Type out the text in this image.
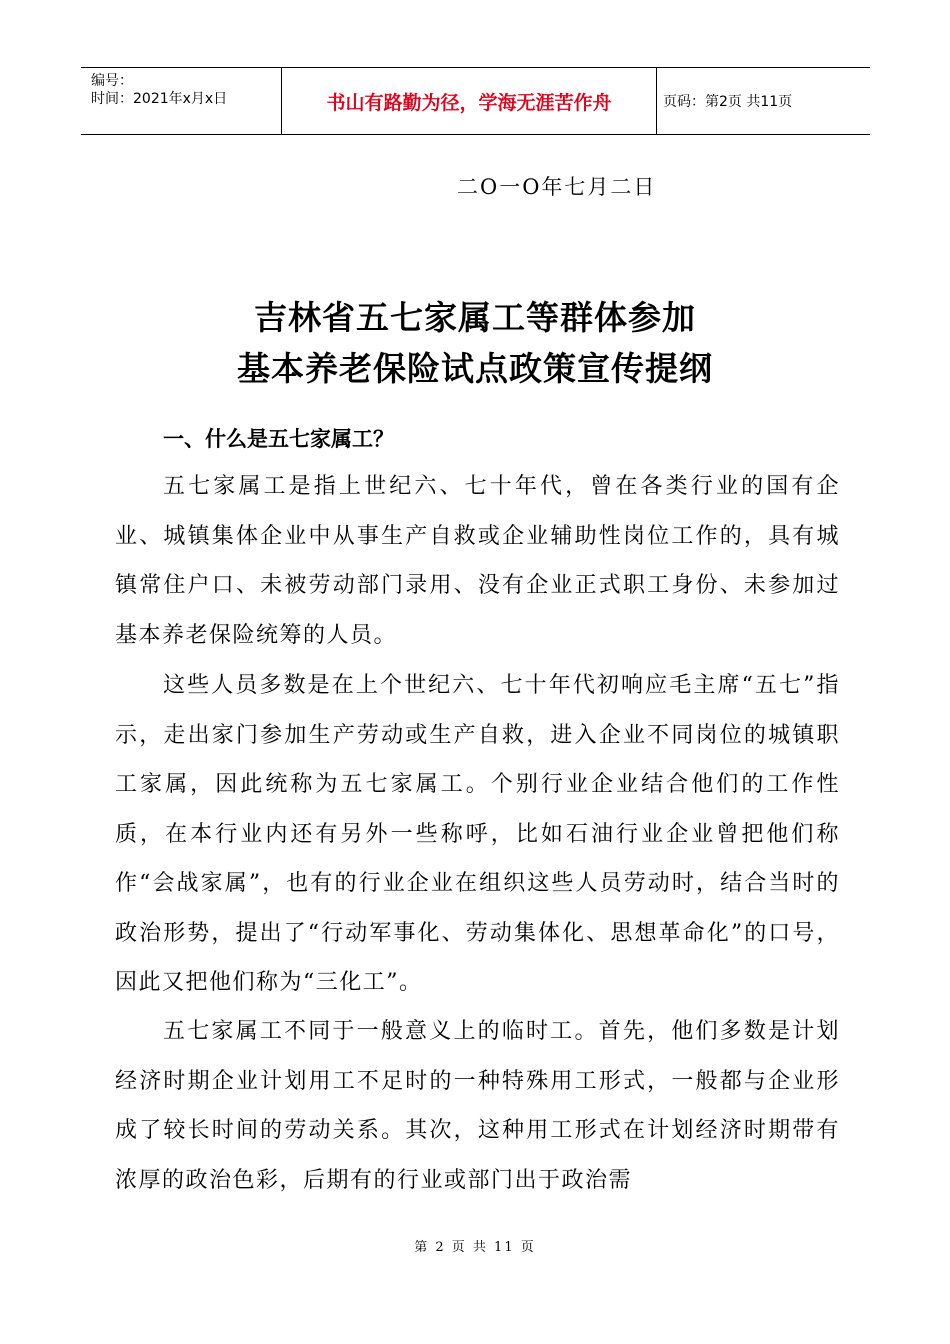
编号：
时间：2021年x月x日	书山有路勤为径，学海无涯苦作舟	页码：第2页 共11页
二O一O年七月二日
吉林省五七家属工等群体参加
基本养老保险试点政策宣传提纲
一、什么是五七家属工？
五七家属工是指上世纪六、七十年代，曾在各类行业的国有企业、城镇集体企业中从事生产自救或企业辅助性岗位工作的，具有城镇常住户口、未被劳动部门录用、没有企业正式职工身份、未参加过基本养老保险统筹的人员。
这些人员多数是在上个世纪六、七十年代初响应毛主席“五七”指示，走出家门参加生产劳动或生产自救，进入企业不同岗位的城镇职工家属，因此统称为五七家属工。个别行业企业结合他们的工作性质，在本行业内还有另外一些称呼，比如石油行业企业曾把他们称作“会战家属”，也有的行业企业在组织这些人员劳动时，结合当时的政治形势，提出了“行动军事化、劳动集体化、思想革命化”的口号，因此又把他们称为“三化工”。
五七家属工不同于一般意义上的临时工。首先，他们多数是计划经济时期企业计划用工不足时的一种特殊用工形式，一般都与企业形成了较长时间的劳动关系。其次，这种用工形式在计划经济时期带有浓厚的政治色彩，后期有的行业或部门出于政治需
第 2 页 共 11 页
